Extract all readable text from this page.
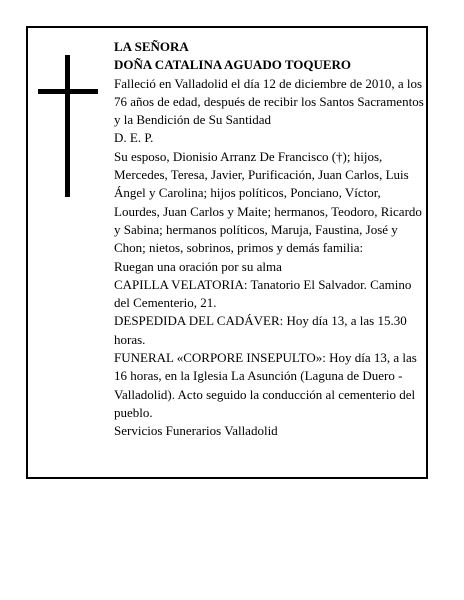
LA SEÑORA

DOÑA CATALINA AGUADO TOQUERO

Falleció en Valladolid el día 12 de diciembre de 2010, a los 76 años de edad, después de recibir los Santos Sacramentos y la Bendición de Su Santidad

D. E. P.

Su esposo, Dionisio Arranz De Francisco (†); hijos, Mercedes, Teresa, Javier, Purificación, Juan Carlos, Luis Ángel y Carolina; hijos políticos, Ponciano, Víctor, Lourdes, Juan Carlos y Maite; hermanos, Teodoro, Ricardo y Sabina; hermanos políticos, Maruja, Faustina, José y Chon; nietos, sobrinos, primos y demás familia:

Ruegan una oración por su alma

CAPILLA VELATORIA: Tanatorio El Salvador. Camino del Cementerio, 21.

DESPEDIDA DEL CADÁVER: Hoy día 13, a las 15.30 horas.

FUNERAL «CORPORE INSEPULTO»: Hoy día 13, a las 16 horas, en la Iglesia La Asunción (Laguna de Duero - Valladolid). Acto seguido la conducción al cementerio del pueblo.

Servicios Funerarios Valladolid
